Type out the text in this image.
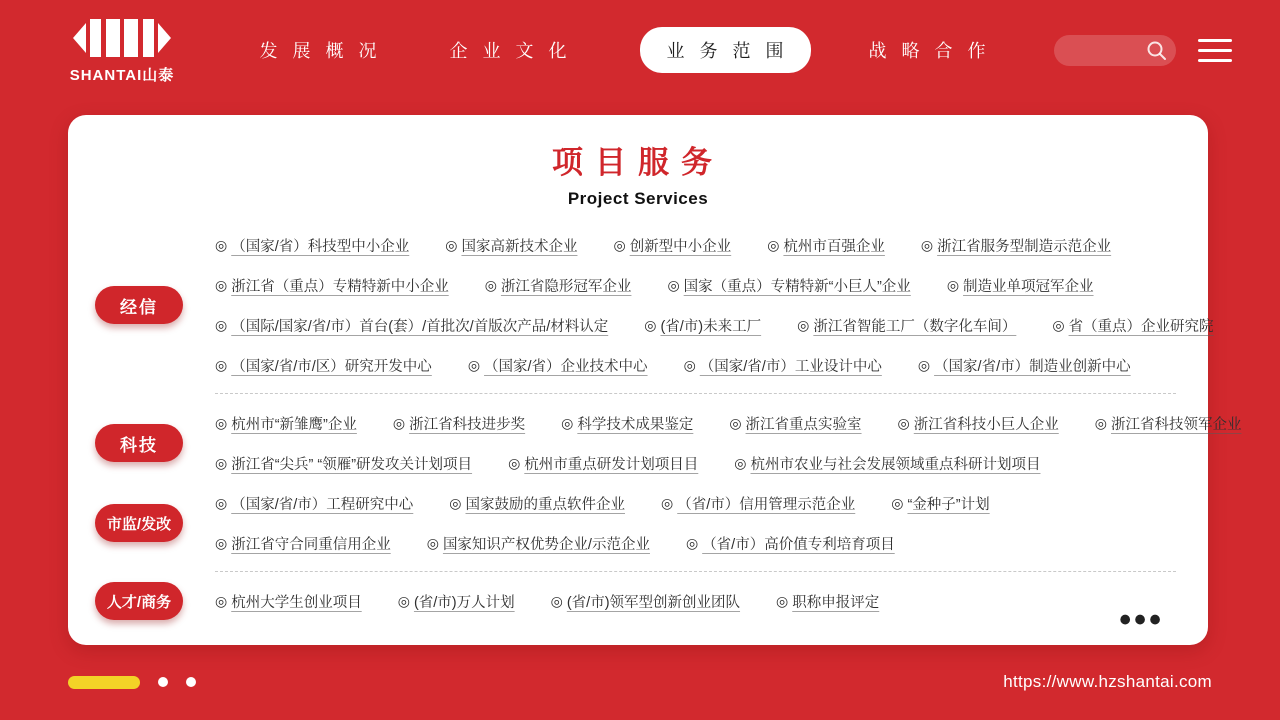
SHANTAI山泰
发展概况	企业文化	业务范围	战略合作
项目服务
Project Services
经信
◎ （国家/省）科技型中小企业	◎ 国家高新技术企业	◎ 创新型中小企业	◎ 杭州市百强企业	◎ 浙江省服务型制造示范企业
◎ 浙江省（重点）专精特新中小企业	◎ 浙江省隐形冠军企业	◎ 国家（重点）专精特新“小巨人”企业	◎ 制造业单项冠军企业
◎ （国际/国家/省/市）首台(套）/首批次/首版次产品/材料认定	◎ (省/市)未来工厂	◎ 浙江省智能工厂（数字化车间）	◎ 省（重点）企业研究院
◎ （国家/省/市/区）研究开发中心	◎ （国家/省）企业技术中心	◎ （国家/省/市）工业设计中心	◎ （国家/省/市）制造业创新中心
科技
◎ 杭州市“新雏鹰”企业	◎ 浙江省科技进步奖	◎ 科学技术成果鉴定	◎ 浙江省重点实验室	◎ 浙江省科技小巨人企业	◎ 浙江省科技领军企业
◎ 浙江省“尖兵” “领雁”研发攻关计划项目	◎ 杭州市重点研发计划项目目	◎ 杭州市农业与社会发展领域重点科研计划项目
市监/发改
◎ （国家/省/市）工程研究中心	◎ 国家鼓励的重点软件企业	◎ （省/市）信用管理示范企业	◎ “金种子”计划
◎ 浙江省守合同重信用企业	◎ 国家知识产权优势企业/示范企业	◎ （省/市）高价值专利培育项目
人才/商务	◎ 杭州大学生创业项目	◎ (省/市)万人计划	◎ (省/市)领军型创新创业团队	◎ 职称申报评定	•••
https://www.hzshantai.com
